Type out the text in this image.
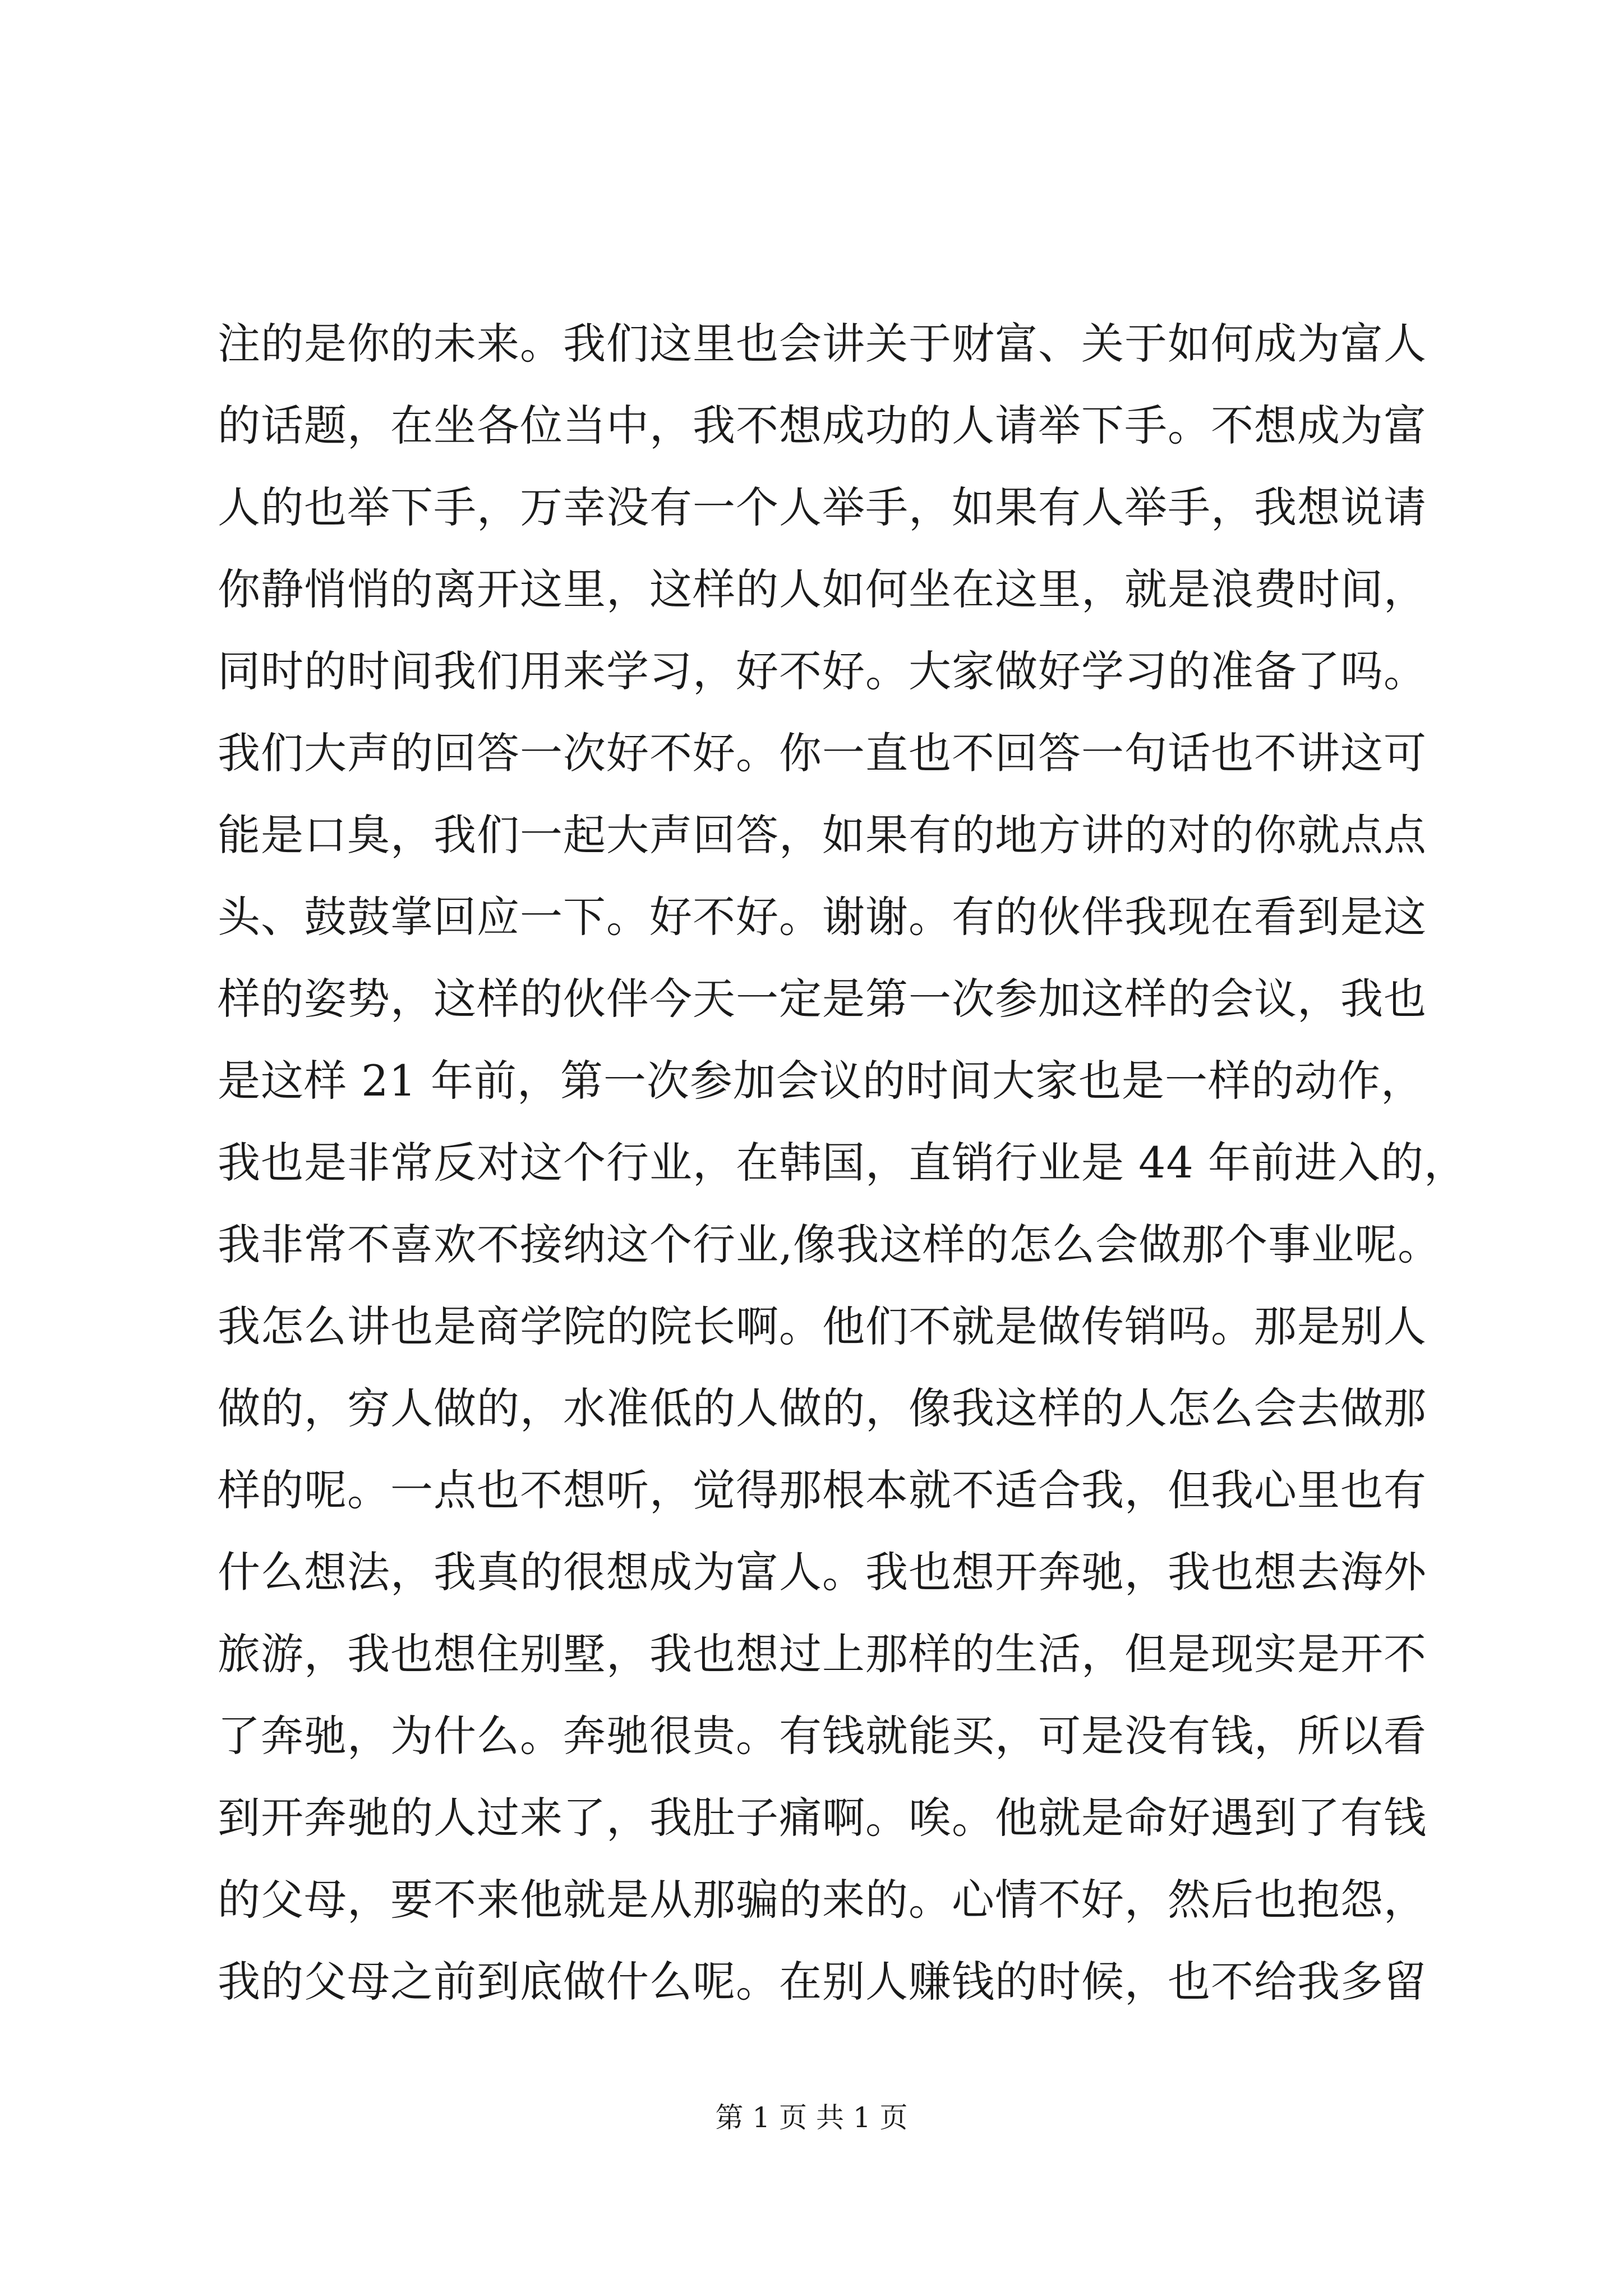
注的是你的未来。我们这里也会讲关于财富、关于如何成为富人
的话题，在坐各位当中，我不想成功的人请举下手。不想成为富
人的也举下手，万幸没有一个人举手，如果有人举手，我想说请
你静悄悄的离开这里，这样的人如何坐在这里，就是浪费时间，
同时的时间我们用来学习，好不好。大家做好学习的准备了吗。
我们大声的回答一次好不好。你一直也不回答一句话也不讲这可
能是口臭，我们一起大声回答，如果有的地方讲的对的你就点点
头、鼓鼓掌回应一下。好不好。谢谢。有的伙伴我现在看到是这
样的姿势，这样的伙伴今天一定是第一次参加这样的会议，我也
是这样 21 年前，第一次参加会议的时间大家也是一样的动作，
我也是非常反对这个行业，在韩国，直销行业是 44 年前进入的，
我非常不喜欢不接纳这个行业,像我这样的怎么会做那个事业呢。
我怎么讲也是商学院的院长啊。他们不就是做传销吗。那是别人
做的，穷人做的，水准低的人做的，像我这样的人怎么会去做那
样的呢。一点也不想听，觉得那根本就不适合我，但我心里也有
什么想法，我真的很想成为富人。我也想开奔驰，我也想去海外
旅游，我也想住别墅，我也想过上那样的生活，但是现实是开不
了奔驰，为什么。奔驰很贵。有钱就能买，可是没有钱，所以看
到开奔驰的人过来了，我肚子痛啊。唉。他就是命好遇到了有钱
的父母，要不来他就是从那骗的来的。心情不好，然后也抱怨，
我的父母之前到底做什么呢。在别人赚钱的时候，也不给我多留
第 1 页 共 1 页
